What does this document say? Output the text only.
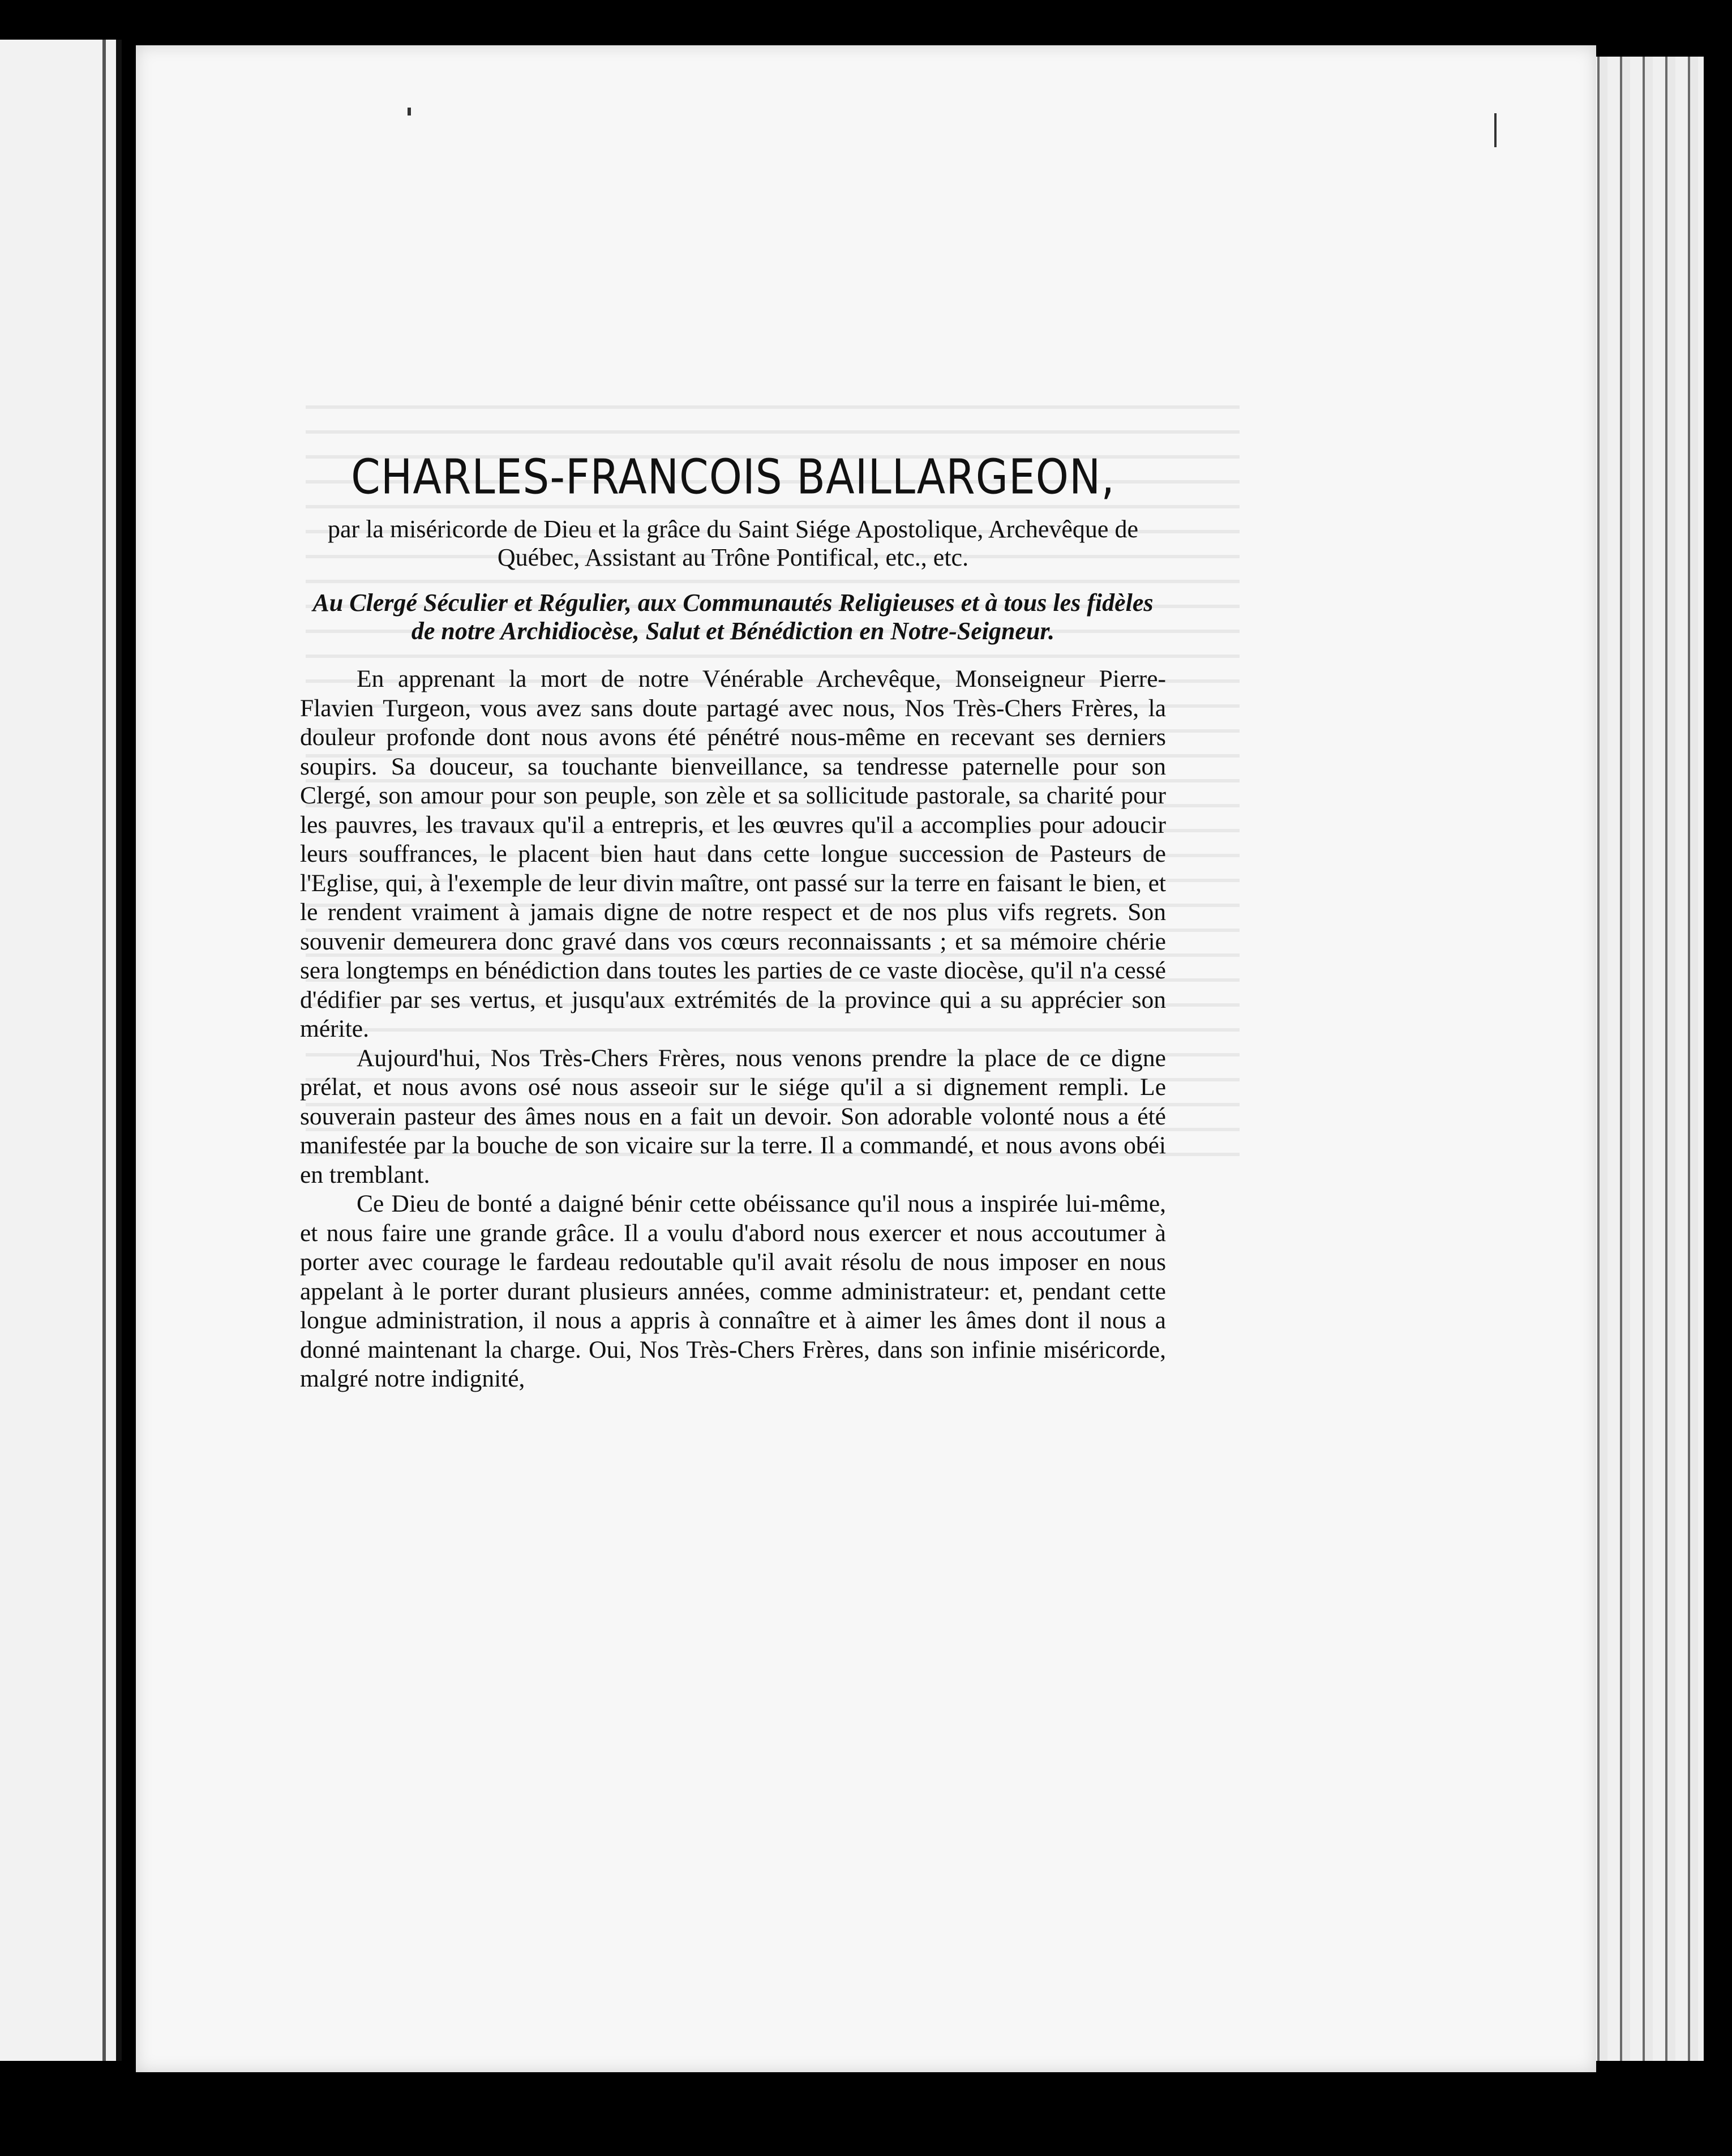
CHARLES-FRANCOIS BAILLARGEON,

par la miséricorde de Dieu et la grâce du Saint Siége Apostolique, Archevêque de Québec, Assistant au Trône Pontifical, etc., etc.

Au Clergé Séculier et Régulier, aux Communautés Religieuses et à tous les fidèles de notre Archidiocèse, Salut et Bénédiction en Notre-Seigneur.

En apprenant la mort de notre Vénérable Archevêque, Monseigneur Pierre-Flavien Turgeon, vous avez sans doute partagé avec nous, Nos Très-Chers Frères, la douleur profonde dont nous avons été pénétré nous-même en recevant ses derniers soupirs. Sa douceur, sa touchante bienveillance, sa tendresse paternelle pour son Clergé, son amour pour son peuple, son zèle et sa sollicitude pastorale, sa charité pour les pauvres, les travaux qu'il a entrepris, et les œuvres qu'il a accomplies pour adoucir leurs souffrances, le placent bien haut dans cette longue succession de Pasteurs de l'Eglise, qui, à l'exemple de leur divin maître, ont passé sur la terre en faisant le bien, et le rendent vraiment à jamais digne de notre respect et de nos plus vifs regrets. Son souvenir demeurera donc gravé dans vos cœurs reconnaissants ; et sa mémoire chérie sera longtemps en bénédiction dans toutes les parties de ce vaste diocèse, qu'il n'a cessé d'édifier par ses vertus, et jusqu'aux extrémités de la province qui a su apprécier son mérite.

Aujourd'hui, Nos Très-Chers Frères, nous venons prendre la place de ce digne prélat, et nous avons osé nous asseoir sur le siége qu'il a si dignement rempli. Le souverain pasteur des âmes nous en a fait un devoir. Son adorable volonté nous a été manifestée par la bouche de son vicaire sur la terre. Il a commandé, et nous avons obéi en tremblant.

Ce Dieu de bonté a daigné bénir cette obéissance qu'il nous a inspirée lui-même, et nous faire une grande grâce. Il a voulu d'abord nous exercer et nous accoutumer à porter avec courage le fardeau redoutable qu'il avait résolu de nous imposer en nous appelant à le porter durant plusieurs années, comme administrateur: et, pendant cette longue administration, il nous a appris à connaître et à aimer les âmes dont il nous a donné maintenant la charge. Oui, Nos Très-Chers Frères, dans son infinie miséricorde, malgré notre indignité,
